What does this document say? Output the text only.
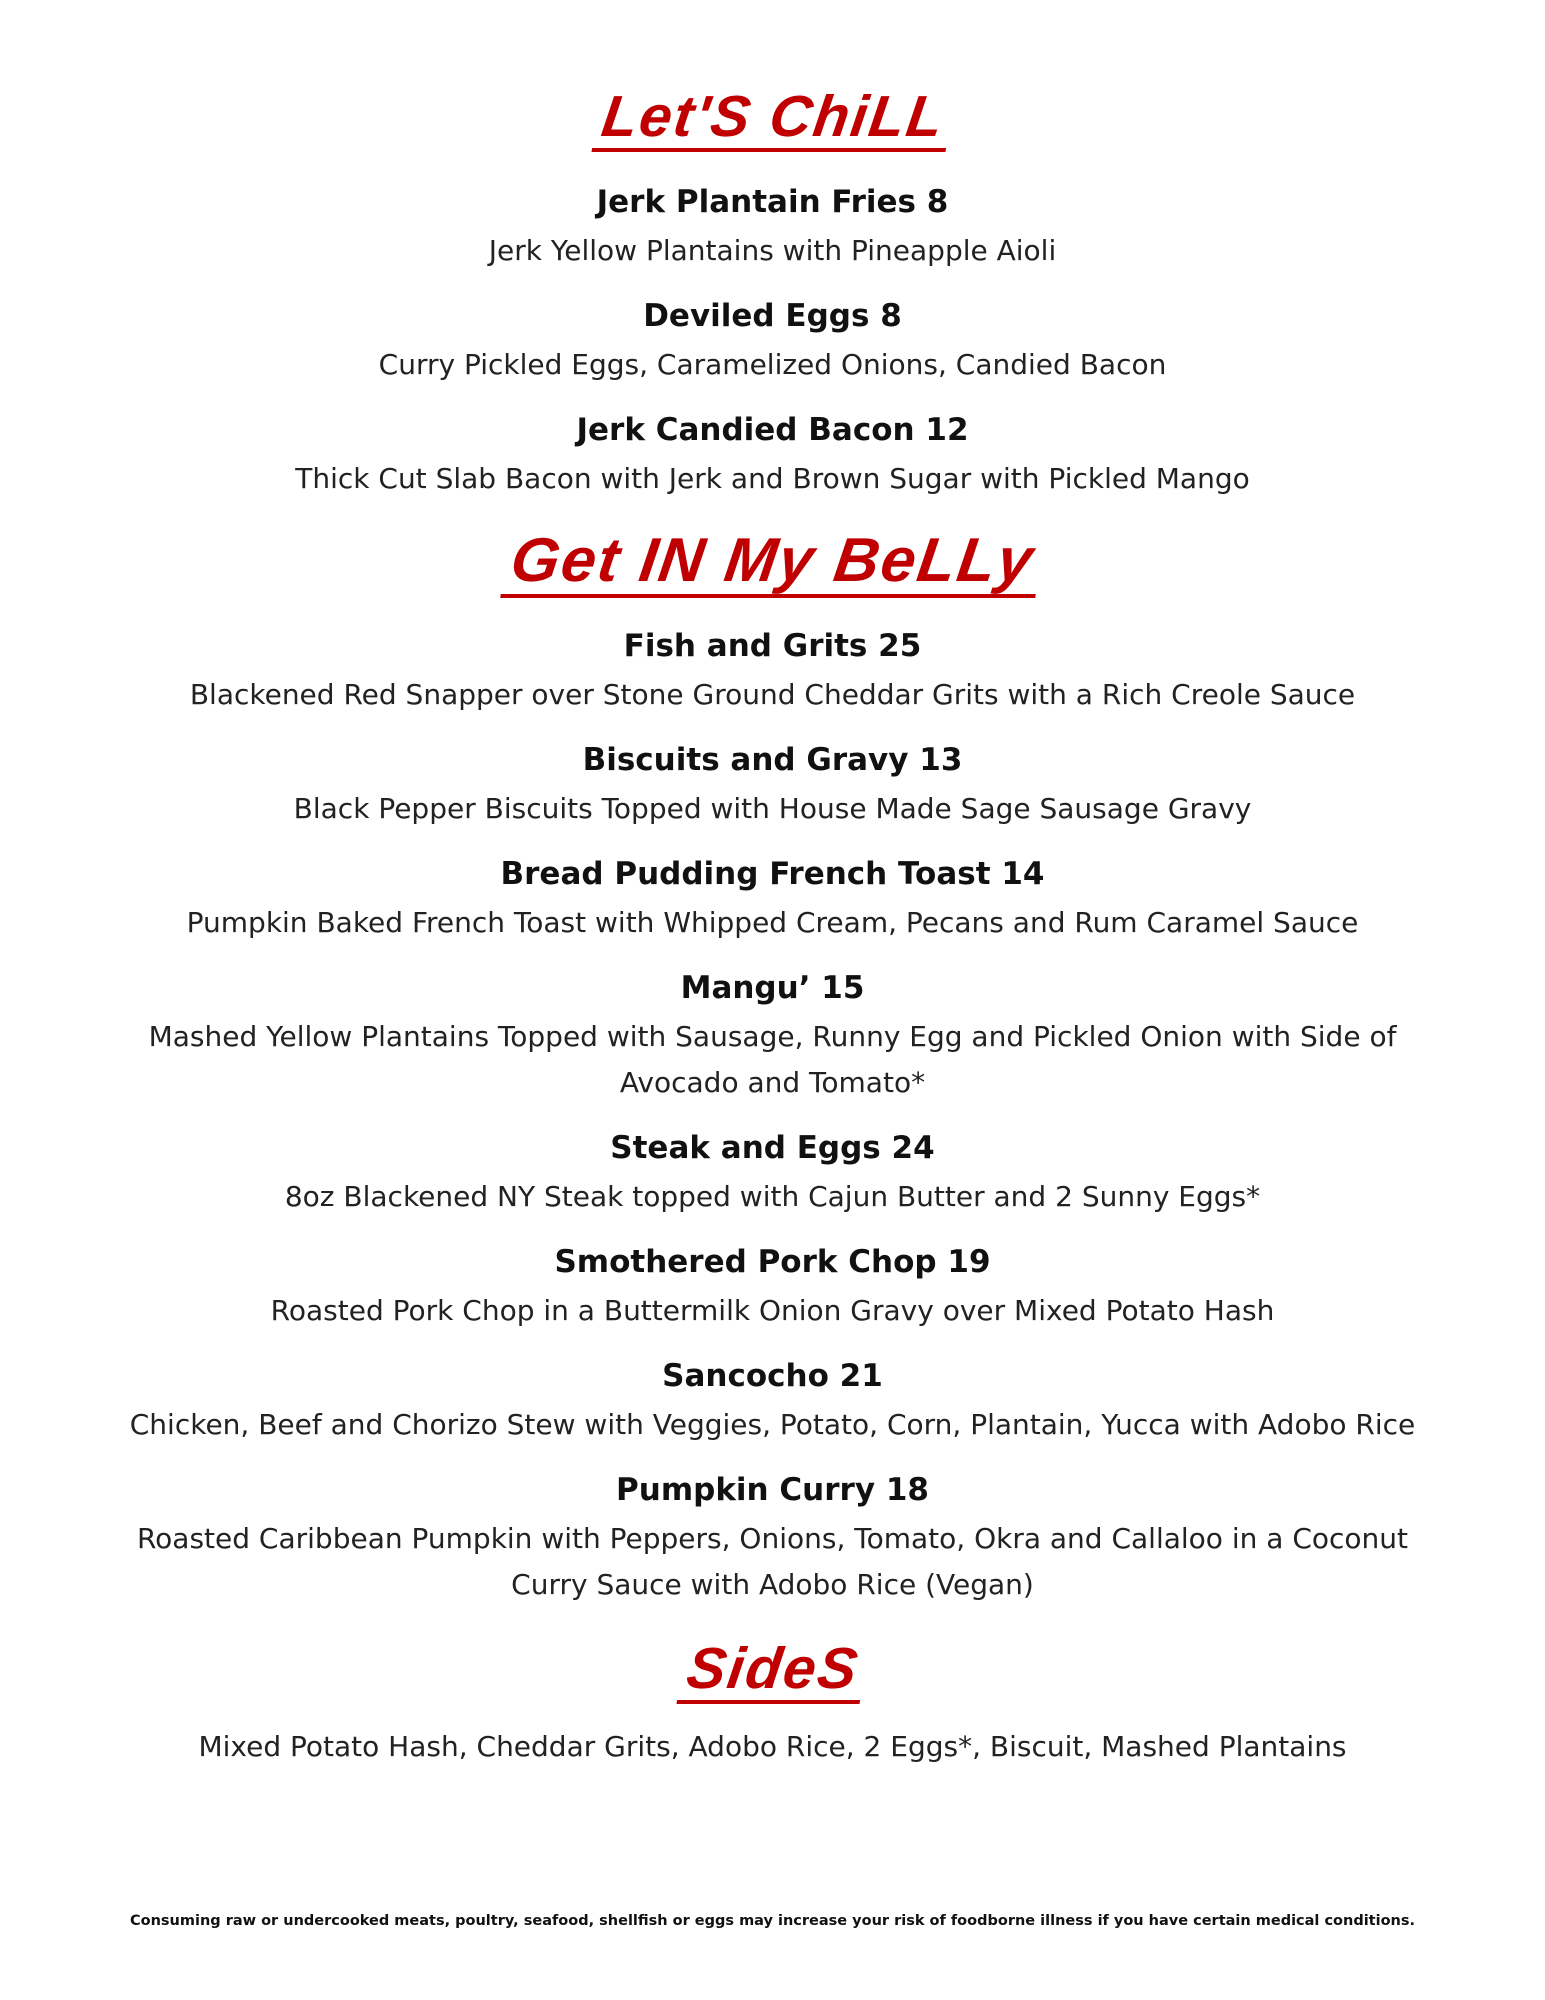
Let'S ChiLL
Jerk Plantain Fries 8
Jerk Yellow Plantains with Pineapple Aioli
Deviled Eggs 8
Curry Pickled Eggs, Caramelized Onions, Candied Bacon
Jerk Candied Bacon 12
Thick Cut Slab Bacon with Jerk and Brown Sugar with Pickled Mango
Get IN My BeLLy
Fish and Grits 25
Blackened Red Snapper over Stone Ground Cheddar Grits with a Rich Creole Sauce
Biscuits and Gravy 13
Black Pepper Biscuits Topped with House Made Sage Sausage Gravy
Bread Pudding French Toast 14
Pumpkin Baked French Toast with Whipped Cream, Pecans and Rum Caramel Sauce
Mangu’ 15
Mashed Yellow Plantains Topped with Sausage, Runny Egg and Pickled Onion with Side of Avocado and Tomato*
Steak and Eggs 24
8oz Blackened NY Steak topped with Cajun Butter and 2 Sunny Eggs*
Smothered Pork Chop 19
Roasted Pork Chop in a Buttermilk Onion Gravy over Mixed Potato Hash
Sancocho 21
Chicken, Beef and Chorizo Stew with Veggies, Potato, Corn, Plantain, Yucca with Adobo Rice
Pumpkin Curry 18
Roasted Caribbean Pumpkin with Peppers, Onions, Tomato, Okra and Callaloo in a Coconut Curry Sauce with Adobo Rice (Vegan)
SideS
Mixed Potato Hash, Cheddar Grits, Adobo Rice, 2 Eggs*, Biscuit, Mashed Plantains
Consuming raw or undercooked meats, poultry, seafood, shellfish or eggs may increase your risk of foodborne illness if you have certain medical conditions.
